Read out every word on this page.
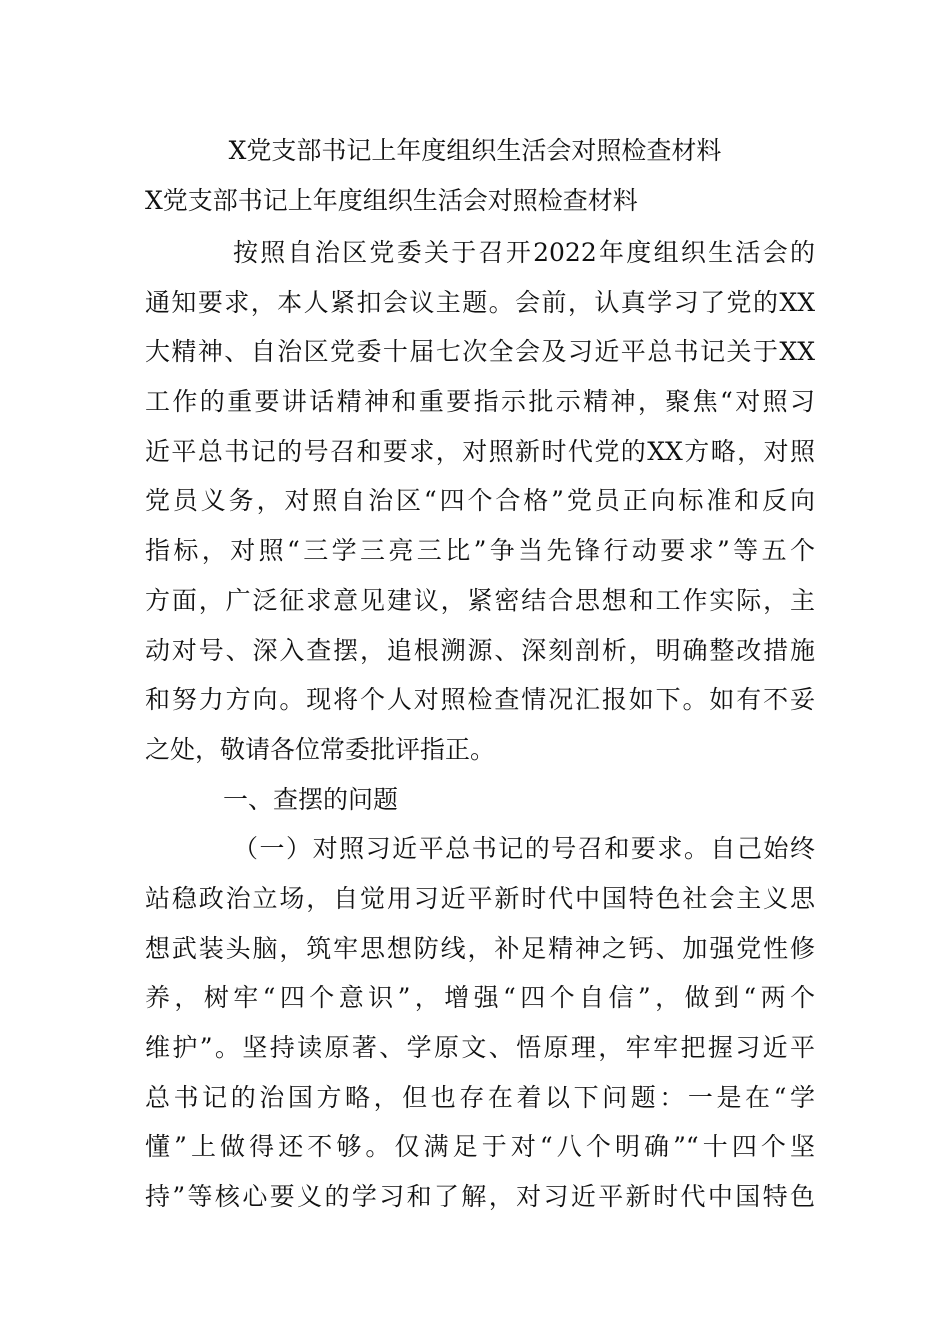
X党支部书记上年度组织生活会对照检查材料
X党支部书记上年度组织生活会对照检查材料
按照自治区党委关于召开2022年度组织生活会的
通知要求，本人紧扣会议主题。会前，认真学习了党的XX
大精神、自治区党委十届七次全会及习近平总书记关于XX
工作的重要讲话精神和重要指示批示精神，聚焦“对照习
近平总书记的号召和要求，对照新时代党的XX方略，对照
党员义务，对照自治区“四个合格”党员正向标准和反向
指标，对照“三学三亮三比”争当先锋行动要求”等五个
方面，广泛征求意见建议，紧密结合思想和工作实际，主
动对号、深入查摆，追根溯源、深刻剖析，明确整改措施
和努力方向。现将个人对照检查情况汇报如下。如有不妥
之处，敬请各位常委批评指正。
一、查摆的问题
（一）对照习近平总书记的号召和要求。自己始终
站稳政治立场，自觉用习近平新时代中国特色社会主义思
想武装头脑，筑牢思想防线，补足精神之钙、加强党性修
养，树牢“四个意识”，增强“四个自信”，做到“两个
维护”。坚持读原著、学原文、悟原理，牢牢把握习近平
总书记的治国方略，但也存在着以下问题：一是在“学
懂”上做得还不够。仅满足于对“八个明确”“十四个坚
持”等核心要义的学习和了解，对习近平新时代中国特色
